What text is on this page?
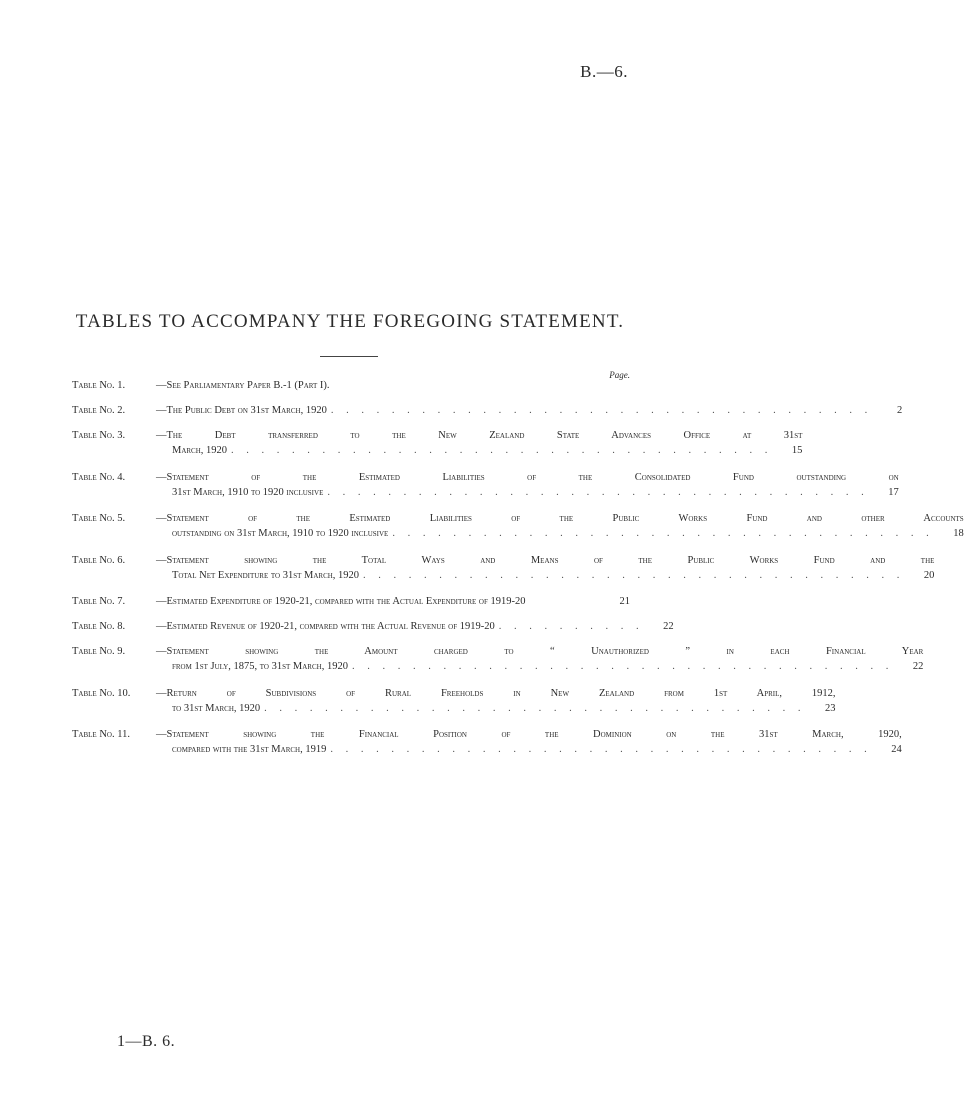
B.—6.
TABLES TO ACCOMPANY THE FOREGOING STATEMENT.
Page.
Table No. 1.	—See Parliamentary Paper B.-1 (Part I).
Table No. 2.	—The Public Debt on 31st March, 1920 . . . . . . . . . . . . . . . . . . . . . . . . . . . . . . . . . . . .	2
Table No. 3.	—The Debt transferred to the New Zealand State Advances Office at 31st
March, 1920 . . . . . . . . . . . . . . . . . . . . . . . . . . . . . . . . . . . .	15
Table No. 4.	—Statement of the Estimated Liabilities of the Consolidated Fund outstanding on
31st March, 1910 to 1920 inclusive . . . . . . . . . . . . . . . . . . . . . . . . . . . . . . . . . . . .	17
Table No. 5.	—Statement of the Estimated Liabilities of the Public Works Fund and other Accounts
outstanding on 31st March, 1910 to 1920 inclusive . . . . . . . . . . . . . . . . . . . . . . . . . . . . . . . . . . . .	18
Table No. 6.	—Statement showing the Total Ways and Means of the Public Works Fund and the
Total Net Expenditure to 31st March, 1920 . . . . . . . . . . . . . . . . . . . . . . . . . . . . . . . . . . . .	20
Table No. 7.	—Estimated Expenditure of 1920-21, compared with the Actual Expenditure of 1919-20	21
Table No. 8.	—Estimated Revenue of 1920-21, compared with the Actual Revenue of 1919-20 . . . . . . . . . .	22
Table No. 9.	—Statement showing the Amount charged to “ Unauthorized ” in each Financial Year
from 1st July, 1875, to 31st March, 1920 . . . . . . . . . . . . . . . . . . . . . . . . . . . . . . . . . . . .	22
Table No. 10.	—Return of Subdivisions of Rural Freeholds in New Zealand from 1st April, 1912,
to 31st March, 1920 . . . . . . . . . . . . . . . . . . . . . . . . . . . . . . . . . . . .	23
Table No. 11.	—Statement showing the Financial Position of the Dominion on the 31st March, 1920,
compared with the 31st March, 1919 . . . . . . . . . . . . . . . . . . . . . . . . . . . . . . . . . . . .	24
1—B. 6.
